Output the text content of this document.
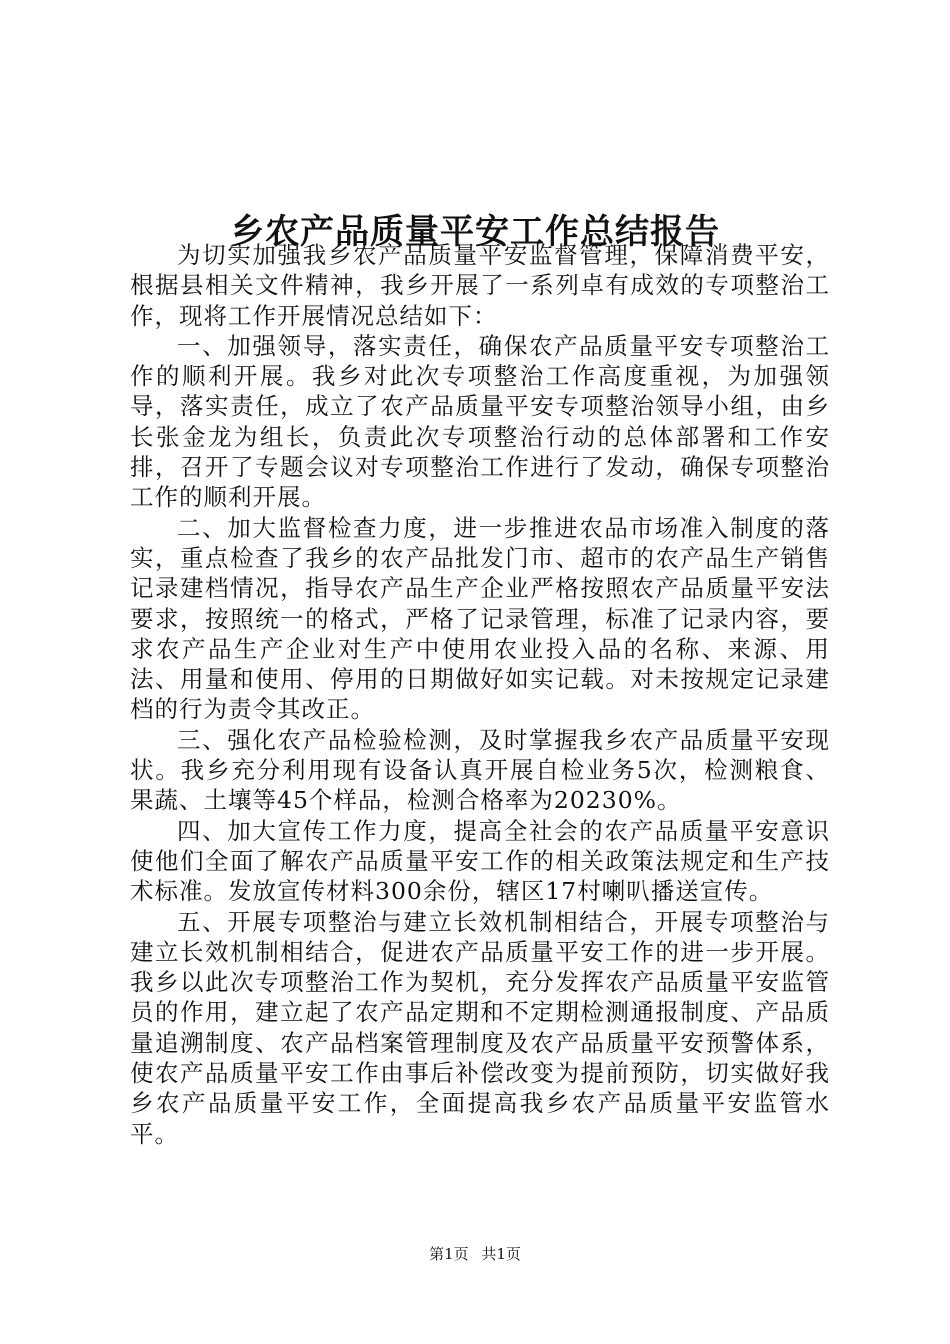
乡农产品质量平安工作总结报告

为切实加强我乡农产品质量平安监督管理，保障消费平安，根据县相关文件精神，我乡开展了一系列卓有成效的专项整治工作，现将工作开展情况总结如下：

一、加强领导，落实责任，确保农产品质量平安专项整治工作的顺利开展。我乡对此次专项整治工作高度重视，为加强领导，落实责任，成立了农产品质量平安专项整治领导小组，由乡长张金龙为组长，负责此次专项整治行动的总体部署和工作安排，召开了专题会议对专项整治工作进行了发动，确保专项整治工作的顺利开展。

二、加大监督检查力度，进一步推进农品市场准入制度的落实，重点检查了我乡的农产品批发门市、超市的农产品生产销售记录建档情况，指导农产品生产企业严格按照农产品质量平安法要求，按照统一的格式，严格了记录管理，标准了记录内容，要求农产品生产企业对生产中使用农业投入品的名称、来源、用法、用量和使用、停用的日期做好如实记载。对未按规定记录建档的行为责令其改正。

三、强化农产品检验检测，及时掌握我乡农产品质量平安现状。我乡充分利用现有设备认真开展自检业务5次，检测粮食、果蔬、土壤等45个样品，检测合格率为20230%。

四、加大宣传工作力度，提高全社会的农产品质量平安意识使他们全面了解农产品质量平安工作的相关政策法规定和生产技术标准。发放宣传材料300余份，辖区17村喇叭播送宣传。

五、开展专项整治与建立长效机制相结合，开展专项整治与建立长效机制相结合，促进农产品质量平安工作的进一步开展。我乡以此次专项整治工作为契机，充分发挥农产品质量平安监管员的作用，建立起了农产品定期和不定期检测通报制度、产品质量追溯制度、农产品档案管理制度及农产品质量平安预警体系，使农产品质量平安工作由事后补偿改变为提前预防，切实做好我乡农产品质量平安工作，全面提高我乡农产品质量平安监管水平。

第1页 共1页
